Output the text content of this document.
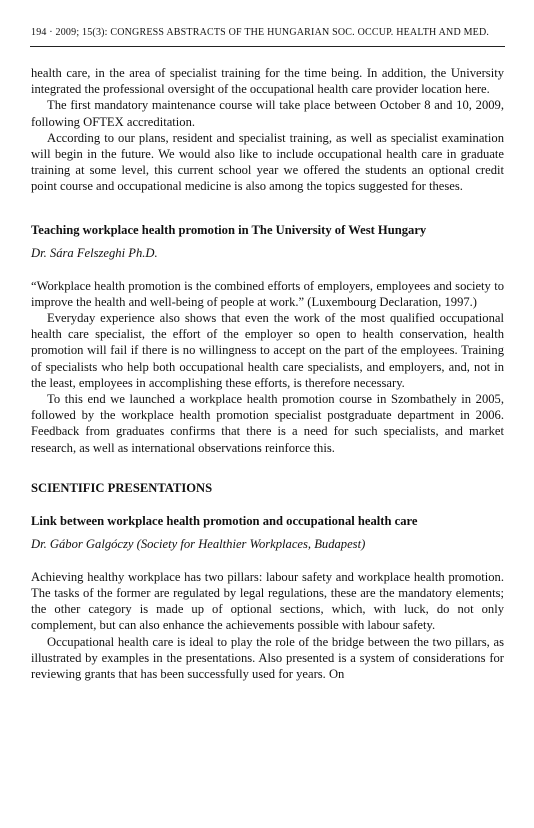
194 · 2009; 15(3): CONGRESS ABSTRACTS OF THE HUNGARIAN SOC. OCCUP. HEALTH AND MED.

health care, in the area of specialist training for the time being. In addition, the University integrated the professional oversight of the occupational health care provider location here.

The first mandatory maintenance course will take place between October 8 and 10, 2009, following OFTEX accreditation.

According to our plans, resident and specialist training, as well as specialist examination will begin in the future. We would also like to include occupational health care in graduate training at some level, this current school year we offered the students an optional credit point course and occupational medicine is also among the topics suggested for theses.

Teaching workplace health promotion in The University of West Hungary
Dr. Sára Felszeghi Ph.D.

“Workplace health promotion is the combined efforts of employers, employees and society to improve the health and well-being of people at work.” (Luxembourg Declaration, 1997.)

Everyday experience also shows that even the work of the most qualified occupational health care specialist, the effort of the employer so open to health conservation, health promotion will fail if there is no willingness to accept on the part of the employees. Training of specialists who help both occupational health care specialists, and employers, and, not in the least, employees in accomplishing these efforts, is therefore necessary.

To this end we launched a workplace health promotion course in Szombathely in 2005, followed by the workplace health promotion specialist postgraduate department in 2006. Feedback from graduates confirms that there is a need for such specialists, and market research, as well as international observations reinforce this.

SCIENTIFIC PRESENTATIONS
Link between workplace health promotion and occupational health care
Dr. Gábor Galgóczy (Society for Healthier Workplaces, Budapest)

Achieving healthy workplace has two pillars: labour safety and workplace health promotion. The tasks of the former are regulated by legal regulations, these are the mandatory elements; the other category is made up of optional sections, which, with luck, do not only complement, but can also enhance the achievements possible with labour safety.

Occupational health care is ideal to play the role of the bridge between the two pillars, as illustrated by examples in the presentations. Also presented is a system of considerations for reviewing grants that has been successfully used for years. On
